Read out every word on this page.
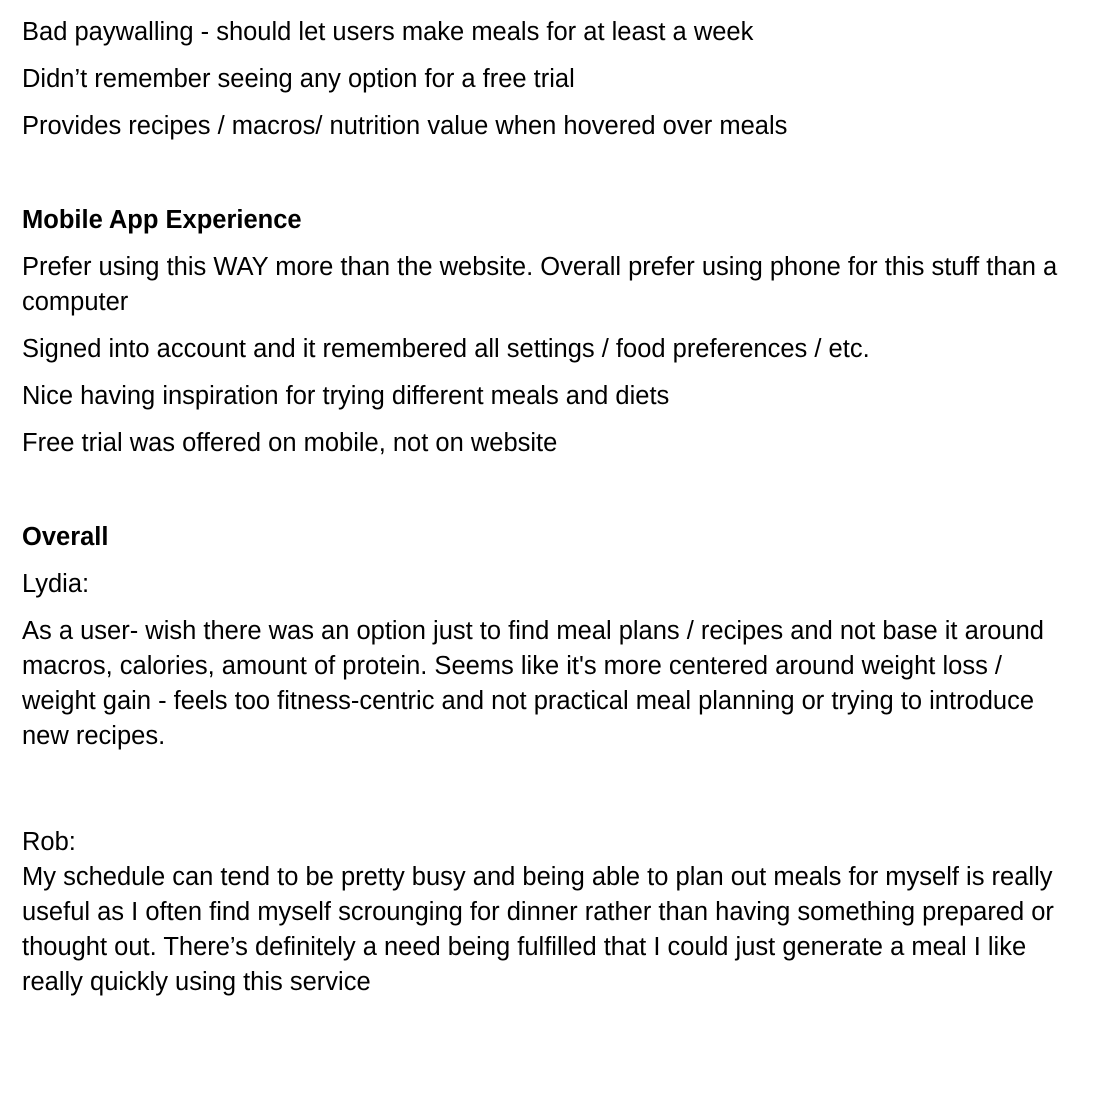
Bad paywalling - should let users make meals for at least a week

Didn’t remember seeing any option for a free trial

Provides recipes / macros/ nutrition value when hovered over meals

Mobile App Experience

Prefer using this WAY more than the website. Overall prefer using phone for this stuff than a computer

Signed into account and it remembered all settings / food preferences / etc.

Nice having inspiration for trying different meals and diets

Free trial was offered on mobile, not on website

Overall

Lydia:

As a user- wish there was an option just to find meal plans / recipes and not base it around macros, calories, amount of protein. Seems like it's more centered around weight loss / weight gain - feels too fitness-centric and not practical meal planning or trying to introduce new recipes.

Rob:

My schedule can tend to be pretty busy and being able to plan out meals for myself is really useful as I often find myself scrounging for dinner rather than having something prepared or thought out. There’s definitely a need being fulfilled that I could just generate a meal I like really quickly using this service
